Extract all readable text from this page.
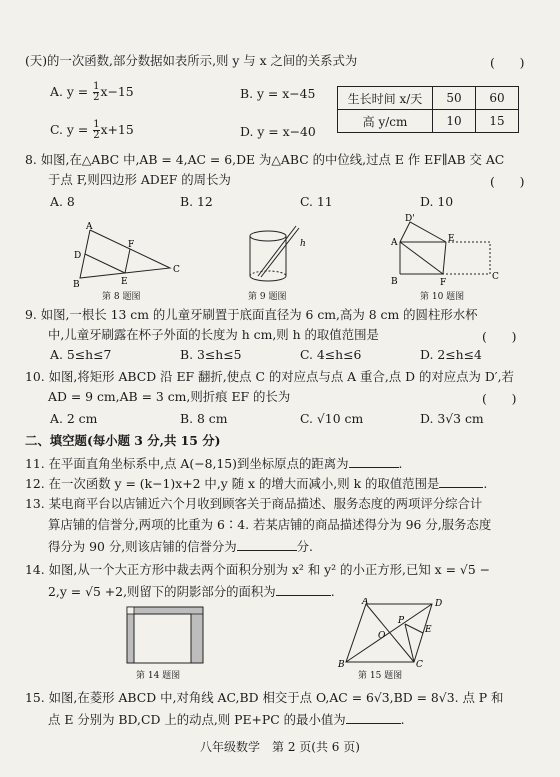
(天)的一次函数,部分数据如表所示,则 y 与 x 之间的关系式为	(　　)
A. $y = \frac{1}{2} x-15$	B. y = x−45
C. $y = \frac{1}{2} x+15$	D. y = x−40
生长时间 x/天	50	60
高 y/cm	10	15
8. 如图,在△ABC 中,AB = 4,AC = 6,DE 为△ABC 的中位线,过点 E 作 EF∥AB 交 AC
于点 F,则四边形 ADEF 的周长为	(　　)
A. 8	B. 12	C. 11	D. 10
A
D
F
B	E
C
第 8 题图
h
第 9 题图
D'
A	E
B	F
C
第 10 题图
9. 如图,一根长 13 cm 的儿童牙刷置于底面直径为 6 cm,高为 8 cm 的圆柱形水杯
中,儿童牙刷露在杯子外面的长度为 h cm,则 h 的取值范围是	(　　)
A. 5≤h≤7	B. 3≤h≤5	C. 4≤h≤6	D. 2≤h≤4
10. 如图,将矩形 ABCD 沿 EF 翻折,使点 C 的对应点与点 A 重合,点 D 的对应点为 D′,若
AD = 9 cm,AB = 3 cm,则折痕 EF 的长为	(　　)
A. 2 cm	B. 8 cm	C. √10 cm	D. 3√3 cm
二、填空题(每小题 3 分,共 15 分)
11. 在平面直角坐标系中,点 A(−8,15)到坐标原点的距离为	.
12. 在一次函数 y = (k−1)x+2 中,y 随 x 的增大而减小,则 k 的取值范围是	.
13. 某电商平台以店铺近六个月收到顾客关于商品描述、服务态度的两项评分综合计
算店铺的信誉分,两项的比重为 6∶4. 若某店铺的商品描述得分为 96 分,服务态度
得分为 90 分,则该店铺的信誉分为	分.
14. 如图,从一个大正方形中裁去两个面积分别为 x² 和 y² 的小正方形,已知 x = √5 −
2,y = √5 +2,则留下的阴影部分的面积为	.
第 14 题图
A	D
P
E
O
B	C
第 15 题图
15. 如图,在菱形 ABCD 中,对角线 AC,BD 相交于点 O,AC = 6√3,BD = 8√3. 点 P 和
点 E 分别为 BD,CD 上的动点,则 PE+PC 的最小值为	.
八年级数学　第 2 页(共 6 页)
